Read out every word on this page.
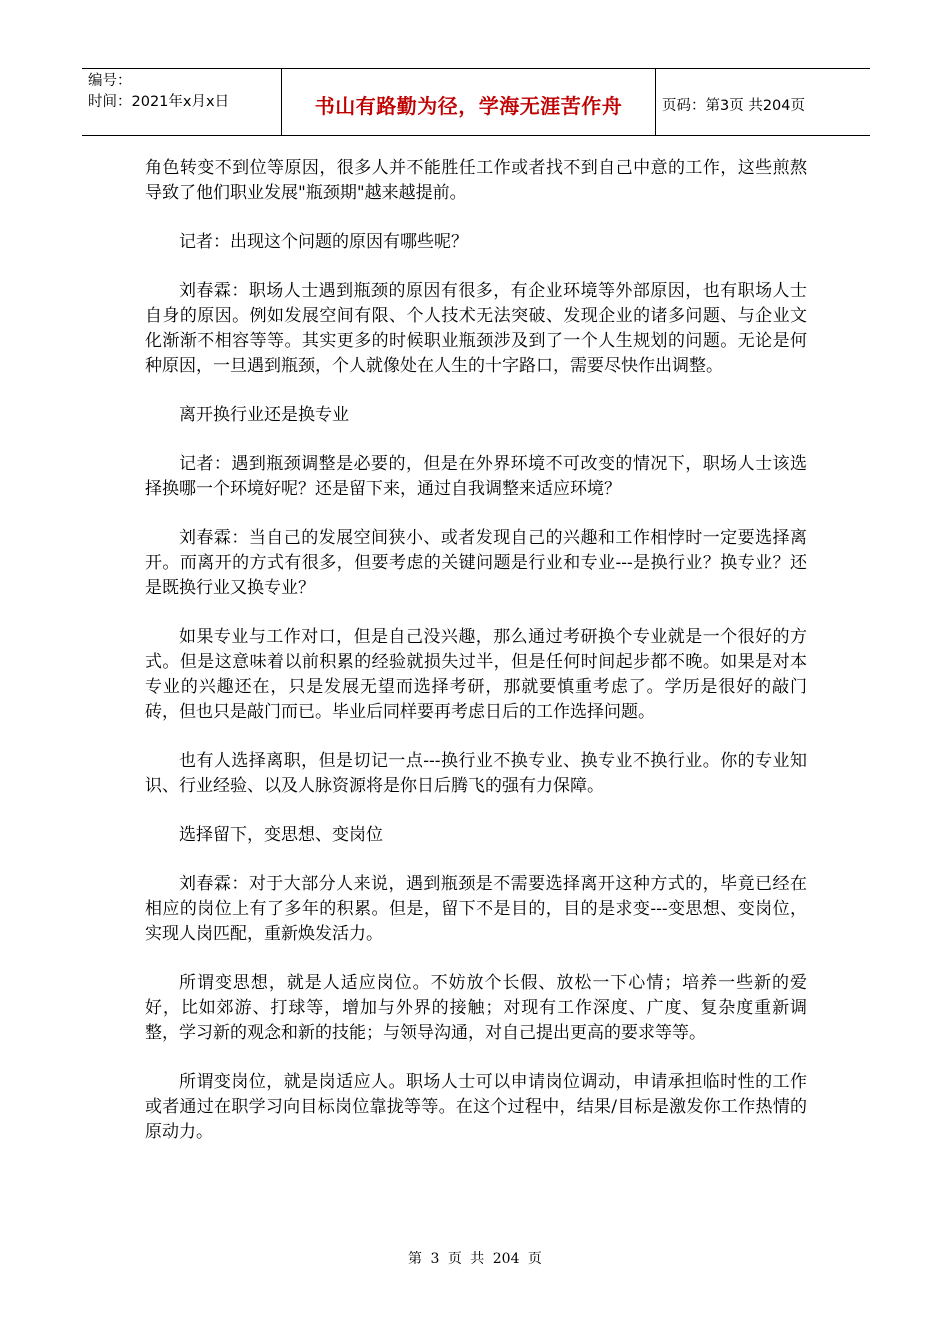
编号：
时间：2021年x月x日	书山有路勤为径，学海无涯苦作舟	页码：第3页 共204页

角色转变不到位等原因，很多人并不能胜任工作或者找不到自己中意的工作，这些煎熬导致了他们职业发展"瓶颈期"越来越提前。

记者：出现这个问题的原因有哪些呢？

刘春霖：职场人士遇到瓶颈的原因有很多，有企业环境等外部原因，也有职场人士自身的原因。例如发展空间有限、个人技术无法突破、发现企业的诸多问题、与企业文化渐渐不相容等等。其实更多的时候职业瓶颈涉及到了一个人生规划的问题。无论是何种原因，一旦遇到瓶颈，个人就像处在人生的十字路口，需要尽快作出调整。

离开换行业还是换专业

记者：遇到瓶颈调整是必要的，但是在外界环境不可改变的情况下，职场人士该选择换哪一个环境好呢？还是留下来，通过自我调整来适应环境？

刘春霖：当自己的发展空间狭小、或者发现自己的兴趣和工作相悖时一定要选择离开。而离开的方式有很多，但要考虑的关键问题是行业和专业---是换行业？换专业？还是既换行业又换专业？

如果专业与工作对口，但是自己没兴趣，那么通过考研换个专业就是一个很好的方式。但是这意味着以前积累的经验就损失过半，但是任何时间起步都不晚。如果是对本专业的兴趣还在，只是发展无望而选择考研，那就要慎重考虑了。学历是很好的敲门砖，但也只是敲门而已。毕业后同样要再考虑日后的工作选择问题。

也有人选择离职，但是切记一点---换行业不换专业、换专业不换行业。你的专业知识、行业经验、以及人脉资源将是你日后腾飞的强有力保障。

选择留下，变思想、变岗位

刘春霖：对于大部分人来说，遇到瓶颈是不需要选择离开这种方式的，毕竟已经在相应的岗位上有了多年的积累。但是，留下不是目的，目的是求变---变思想、变岗位，实现人岗匹配，重新焕发活力。

所谓变思想，就是人适应岗位。不妨放个长假、放松一下心情；培养一些新的爱好，比如郊游、打球等，增加与外界的接触；对现有工作深度、广度、复杂度重新调整，学习新的观念和新的技能；与领导沟通，对自己提出更高的要求等等。

所谓变岗位，就是岗适应人。职场人士可以申请岗位调动，申请承担临时性的工作或者通过在职学习向目标岗位靠拢等等。在这个过程中，结果/目标是激发你工作热情的原动力。

第 3 页 共 204 页
